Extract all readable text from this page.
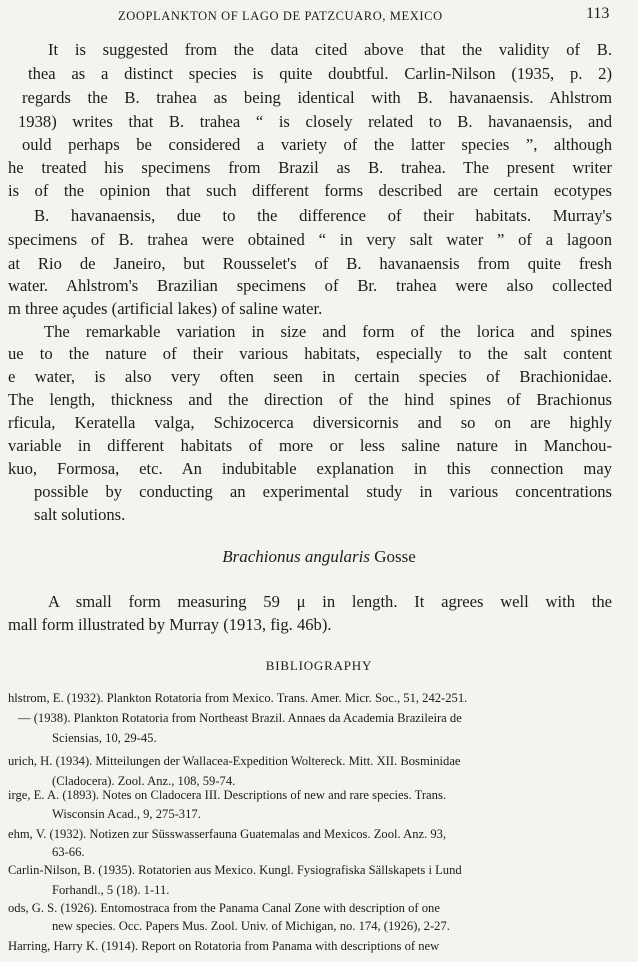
ZOOPLANKTON OF LAGO DE PATZCUARO, MEXICO	113
It is suggested from the data cited above that the validity of B.
thea as a distinct species is quite doubtful. Carlin-Nilson (1935, p. 2)
regards the B. trahea as being identical with B. havanaensis. Ahlstrom
1938) writes that B. trahea “ is closely related to B. havanaensis, and
ould perhaps be considered a variety of the latter species ”, although
he treated his specimens from Brazil as B. trahea. The present writer
is of the opinion that such different forms described are certain ecotypes
B. havanaensis, due to the difference of their habitats. Murray's
specimens of B. trahea were obtained “ in very salt water ” of a lagoon
at Rio de Janeiro, but Rousselet's of B. havanaensis from quite fresh
water. Ahlstrom's Brazilian specimens of Br. trahea were also collected
m three açudes (artificial lakes) of saline water.
The remarkable variation in size and form of the lorica and spines
ue to the nature of their various habitats, especially to the salt content
e water, is also very often seen in certain species of Brachionidae.
The length, thickness and the direction of the hind spines of Brachionus
rficula, Keratella valga, Schizocerca diversicornis and so on are highly
variable in different habitats of more or less saline nature in Manchou-
kuo, Formosa, etc. An indubitable explanation in this connection may
possible by conducting an experimental study in various concentrations
salt solutions.
Brachionus angularis Gosse
A small form measuring 59 μ in length. It agrees well with the
mall form illustrated by Murray (1913, fig. 46b).
BIBLIOGRAPHY
hlstrom, E. (1932). Plankton Rotatoria from Mexico. Trans. Amer. Micr. Soc., 51, 242-251.
— (1938). Plankton Rotatoria from Northeast Brazil. Annaes da Academia Brazileira de
Sciensias, 10, 29-45.
urich, H. (1934). Mitteilungen der Wallacea-Expedition Woltereck. Mitt. XII. Bosminidae
(Cladocera). Zool. Anz., 108, 59-74.
irge, E. A. (1893). Notes on Cladocera III. Descriptions of new and rare species. Trans.
Wisconsin Acad., 9, 275-317.
ehm, V. (1932). Notizen zur Süsswasserfauna Guatemalas and Mexicos. Zool. Anz. 93,
63-66.
Carlin-Nilson, B. (1935). Rotatorien aus Mexico. Kungl. Fysiografiska Sällskapets i Lund
Forhandl., 5 (18). 1-11.
ods, G. S. (1926). Entomostraca from the Panama Canal Zone with description of one
new species. Occ. Papers Mus. Zool. Univ. of Michigan, no. 174, (1926), 2-27.
Harring, Harry K. (1914). Report on Rotatoria from Panama with descriptions of new
